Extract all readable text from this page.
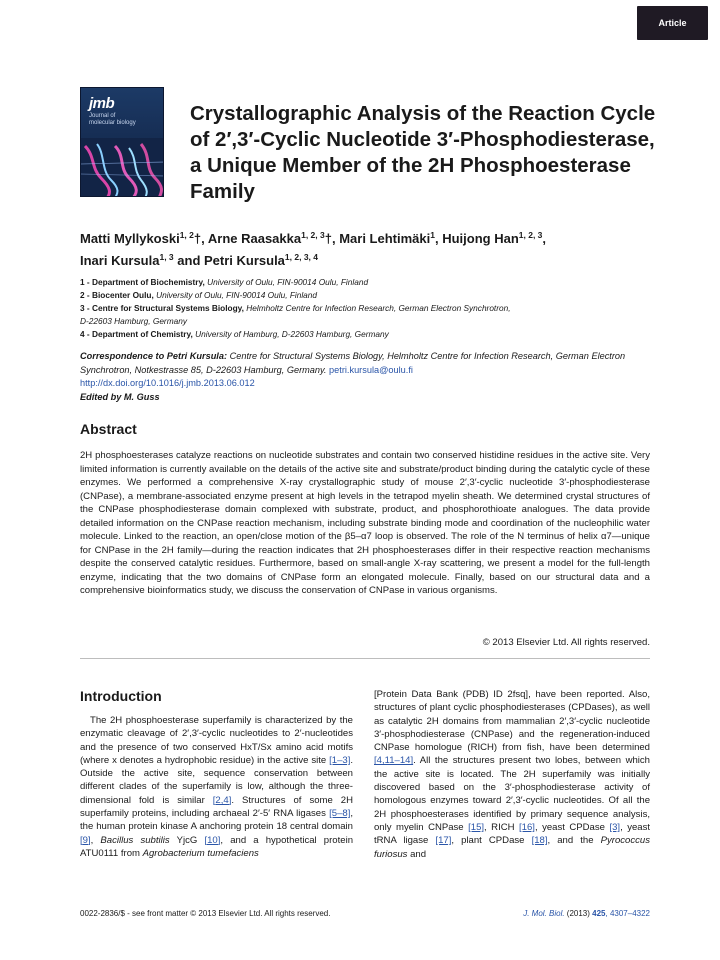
Article
jmb
Journal of
molecular biology	Crystallographic Analysis of the Reaction Cycle of 2′,3′-Cyclic Nucleotide 3′-Phosphodiesterase, a Unique Member of the 2H Phosphoesterase Family
Matti Myllykoski$^{1, 2}$†, Arne Raasakka$^{1, 2, 3}$†, Mari Lehtimäki$^1$, Huijong Han$^{1, 2, 3}$,
Inari Kursula$^{1, 3}$ and Petri Kursula$^{1, 2, 3, 4}$
1 - Department of Biochemistry, University of Oulu, FIN-90014 Oulu, Finland
2 - Biocenter Oulu, University of Oulu, FIN-90014 Oulu, Finland
3 - Centre for Structural Systems Biology, Helmholtz Centre for Infection Research, German Electron Synchrotron,
D-22603 Hamburg, Germany
4 - Department of Chemistry, University of Hamburg, D-22603 Hamburg, Germany
Correspondence to Petri Kursula: Centre for Structural Systems Biology, Helmholtz Centre for Infection Research, German Electron Synchrotron, Notkestrasse 85, D-22603 Hamburg, Germany. petri.kursula@oulu.fi
http://dx.doi.org/10.1016/j.jmb.2013.06.012
Edited by M. Guss
Abstract

2H phosphoesterases catalyze reactions on nucleotide substrates and contain two conserved histidine residues in the active site. Very limited information is currently available on the details of the active site and substrate/product binding during the catalytic cycle of these enzymes. We performed a comprehensive X-ray crystallographic study of mouse 2′,3′-cyclic nucleotide 3′-phosphodiesterase (CNPase), a membrane-associated enzyme present at high levels in the tetrapod myelin sheath. We determined crystal structures of the CNPase phosphodiesterase domain complexed with substrate, product, and phosphorothioate analogues. The data provide detailed information on the CNPase reaction mechanism, including substrate binding mode and coordination of the nucleophilic water molecule. Linked to the reaction, an open/close motion of the β5–α7 loop is observed. The role of the N terminus of helix α7—unique for CNPase in the 2H family—during the reaction indicates that 2H phosphoesterases differ in their respective reaction mechanisms despite the conserved catalytic residues. Furthermore, based on small-angle X-ray scattering, we present a model for the full-length enzyme, indicating that the two domains of CNPase form an elongated molecule. Finally, based on our structural data and a comprehensive bioinformatics study, we discuss the conservation of CNPase in various organisms.

© 2013 Elsevier Ltd. All rights reserved.
Introduction

The 2H phosphoesterase superfamily is characterized by the enzymatic cleavage of 2′,3′-cyclic nucleotides to 2′-nucleotides and the presence of two conserved HxT/Sx amino acid motifs (where x denotes a hydrophobic residue) in the active site [1–3]. Outside the active site, sequence conservation between different clades of the superfamily is low, although the three-dimensional fold is similar [2,4]. Structures of some 2H superfamily proteins, including archaeal 2′-5′ RNA ligases [5–8], the human protein kinase A anchoring protein 18 central domain [9], Bacillus subtilis YjcG [10], and a hypothetical protein ATU0111 from Agrobacterium tumefaciens

[Protein Data Bank (PDB) ID 2fsq], have been reported. Also, structures of plant cyclic phosphodiesterases (CPDases), as well as catalytic 2H domains from mammalian 2′,3′-cyclic nucleotide 3′-phosphodiesterase (CNPase) and the regeneration-induced CNPase homologue (RICH) from fish, have been determined [4,11–14]. All the structures present two lobes, between which the active site is located. The 2H superfamily was initially discovered based on the 3′-phosphodiesterase activity of homologous enzymes toward 2′,3′-cyclic nucleotides. Of all the 2H phosphoesterases identified by primary sequence analysis, only myelin CNPase [15], RICH [16], yeast CPDase [3], yeast tRNA ligase [17], plant CPDase [18], and the Pyrococcus furiosus and

0022-2836/$ - see front matter © 2013 Elsevier Ltd. All rights reserved.	J. Mol. Biol. (2013) 425, 4307–4322
